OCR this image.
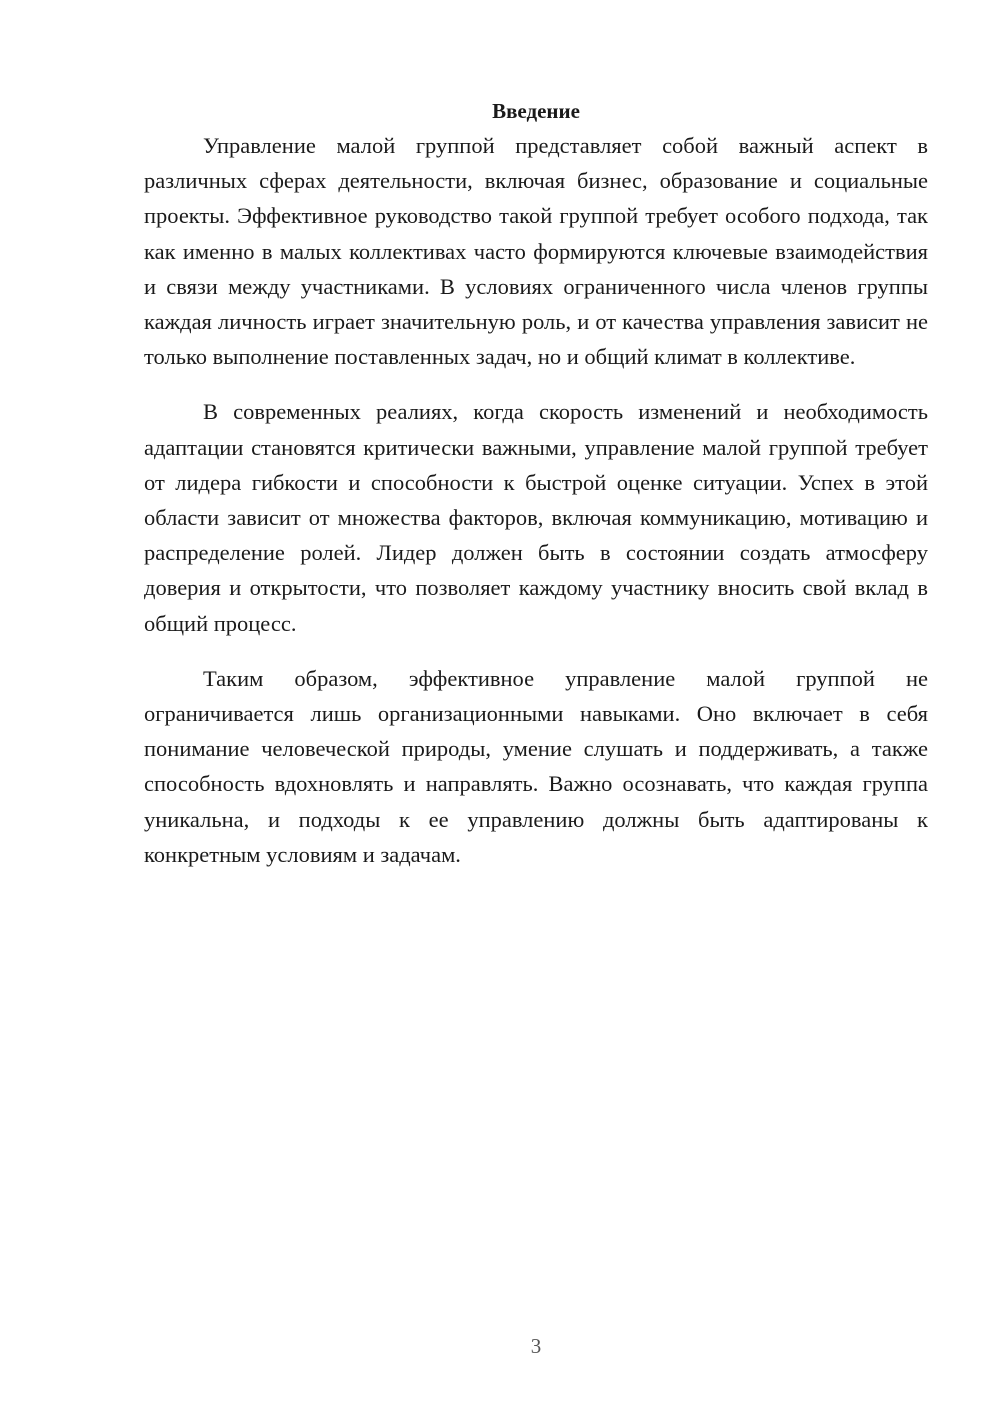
Введение

Управление малой группой представляет собой важный аспект в различных сферах деятельности, включая бизнес, образование и социальные проекты. Эффективное руководство такой группой требует особого подхода, так как именно в малых коллективах часто формируются ключевые взаимодействия и связи между участниками. В условиях ограниченного числа членов группы каждая личность играет значительную роль, и от качества управления зависит не только выполнение поставленных задач, но и общий климат в коллективе.

В современных реалиях, когда скорость изменений и необходимость адаптации становятся критически важными, управление малой группой требует от лидера гибкости и способности к быстрой оценке ситуации. Успех в этой области зависит от множества факторов, включая коммуникацию, мотивацию и распределение ролей. Лидер должен быть в состоянии создать атмосферу доверия и открытости, что позволяет каждому участнику вносить свой вклад в общий процесс.

Таким образом, эффективное управление малой группой не ограничивается лишь организационными навыками. Оно включает в себя понимание человеческой природы, умение слушать и поддерживать, а также способность вдохновлять и направлять. Важно осознавать, что каждая группа уникальна, и подходы к ее управлению должны быть адаптированы к конкретным условиям и задачам.

3
